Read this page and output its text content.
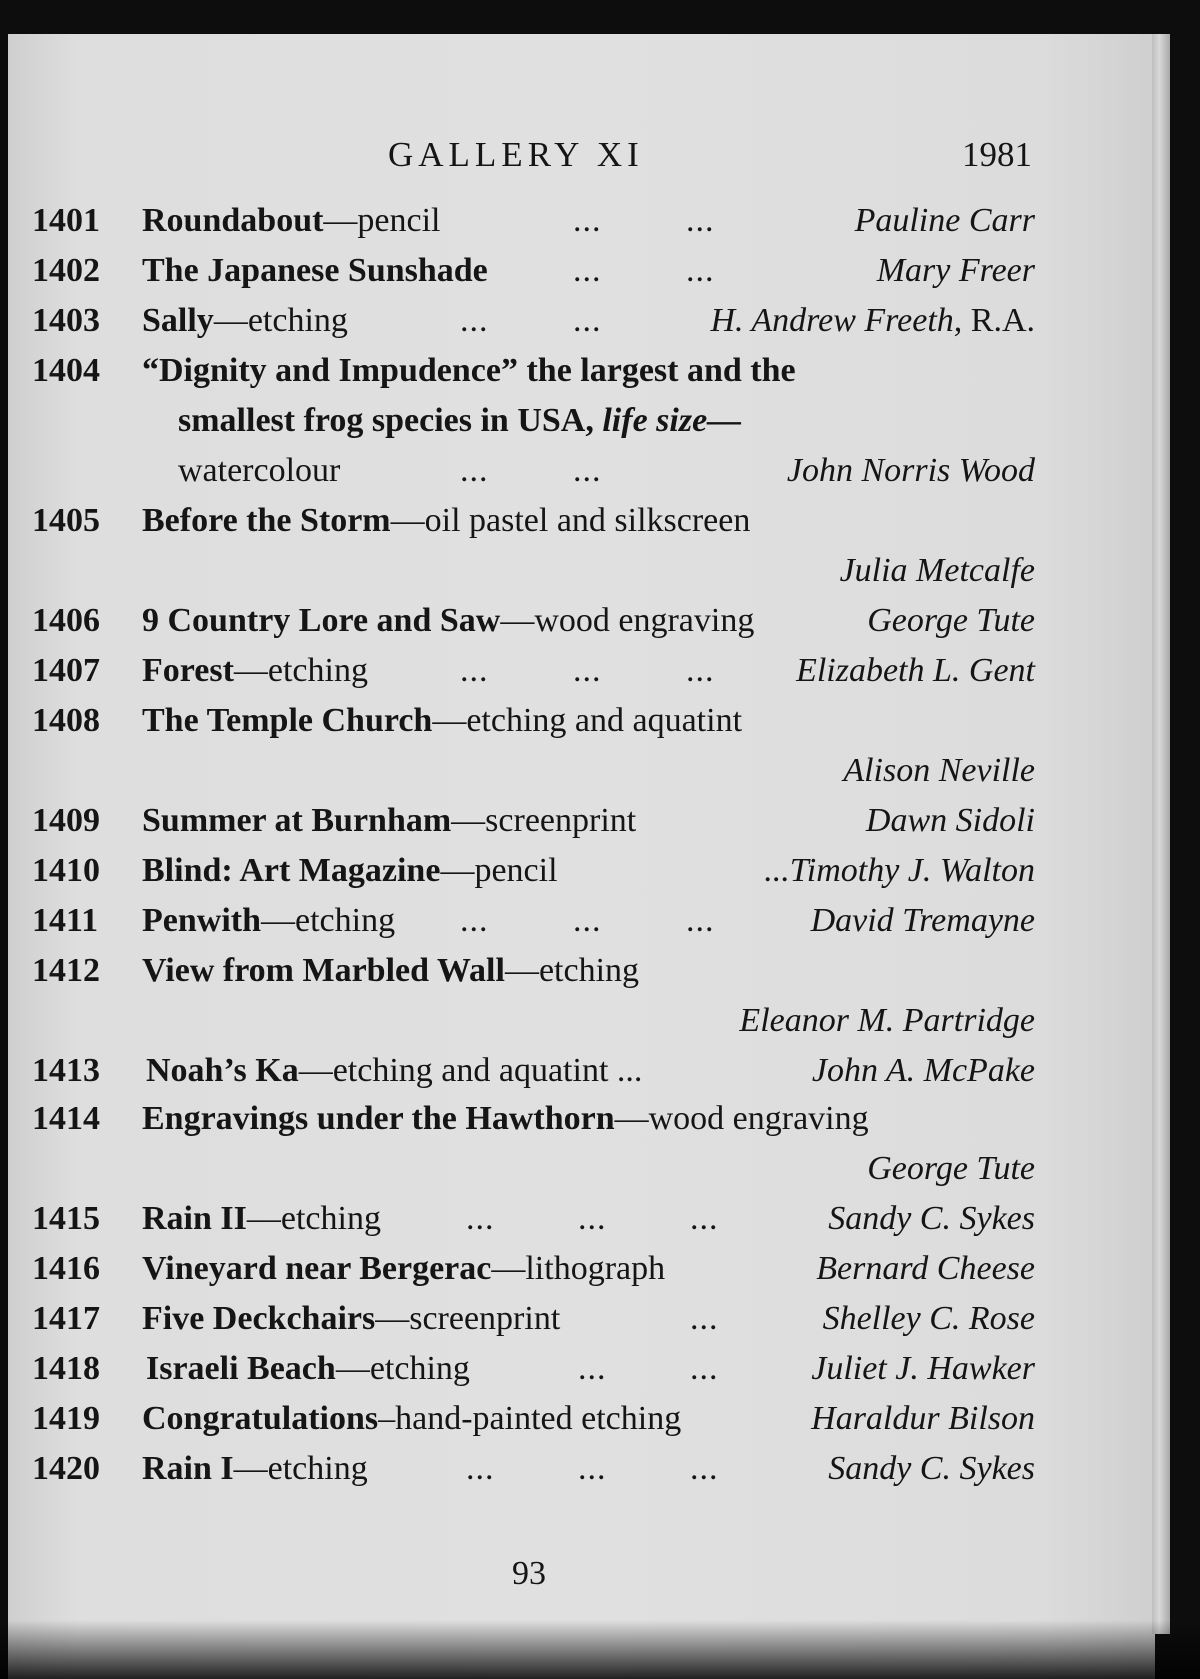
GALLERY XI	1981
1401 Roundabout—pencil	... ...	Pauline Carr
1402 The Japanese Sunshade	... ...	Mary Freer
1403 Sally—etching	... ...	H. Andrew Freeth, R.A.
1404 “Dignity and Impudence” the largest and the
smallest frog species in USA, life size—
watercolour	... ...	John Norris Wood
1405 Before the Storm—oil pastel and silkscreen
Julia Metcalfe
1406 9 Country Lore and Saw—wood engraving	George Tute
1407 Forest—etching	... ... ... Elizabeth L. Gent
1408 The Temple Church—etching and aquatint
Alison Neville
1409 Summer at Burnham—screenprint	Dawn Sidoli
1410 Blind: Art Magazine—pencil	...Timothy J. Walton
1411 Penwith—etching ... ... ...	David Tremayne
1412 View from Marbled Wall—etching
Eleanor M. Partridge
1413 Noah’s Ka—etching and aquatint ...	John A. McPake
1414 Engravings under the Hawthorn—wood engraving
George Tute
1415 Rain II—etching	... ... ...	Sandy C. Sykes
1416 Vineyard near Bergerac—lithograph	Bernard Cheese
1417 Five Deckchairs—screenprint	...	Shelley C. Rose
1418 Israeli Beach—etching	... ...	Juliet J. Hawker
1419 Congratulations–hand-painted etching	Haraldur Bilson
1420 Rain I—etching	... ... ...	Sandy C. Sykes
93
